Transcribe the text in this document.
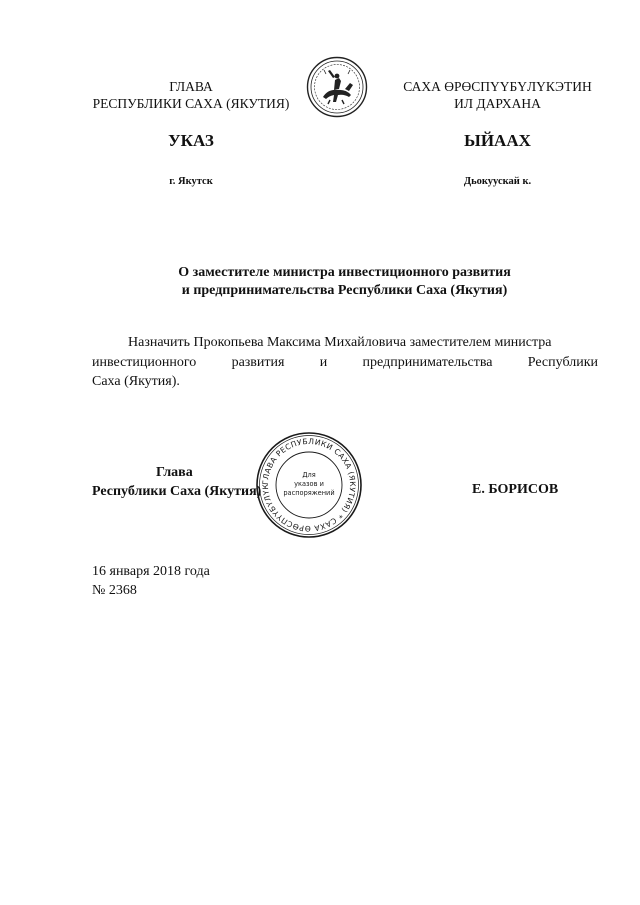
ГЛАВА
РЕСПУБЛИКИ САХА (ЯКУТИЯ)
САХА ӨРӨСПҮҮБҮЛҮКЭТИН
ИЛ ДАРХАНА
УКАЗ	ЫЙААХ
г. Якутск	Дьокуускай к.
О заместителе министра инвестиционного развития
и предпринимательства Республики Саха (Якутия)
Назначить Прокопьева Максима Михайловича заместителем министра
инвестиционного развития и предпринимательства Республики
Саха (Якутия).
ГЛАВА РЕСПУБЛИКИ САХА (ЯКУТИЯ) * САХА ӨРӨСПҮҮБҮЛҮК
Для
указов и
распоряжений
Глава
Республики Саха (Якутия)	Е. БОРИСОВ
16 января 2018 года
№ 2368
